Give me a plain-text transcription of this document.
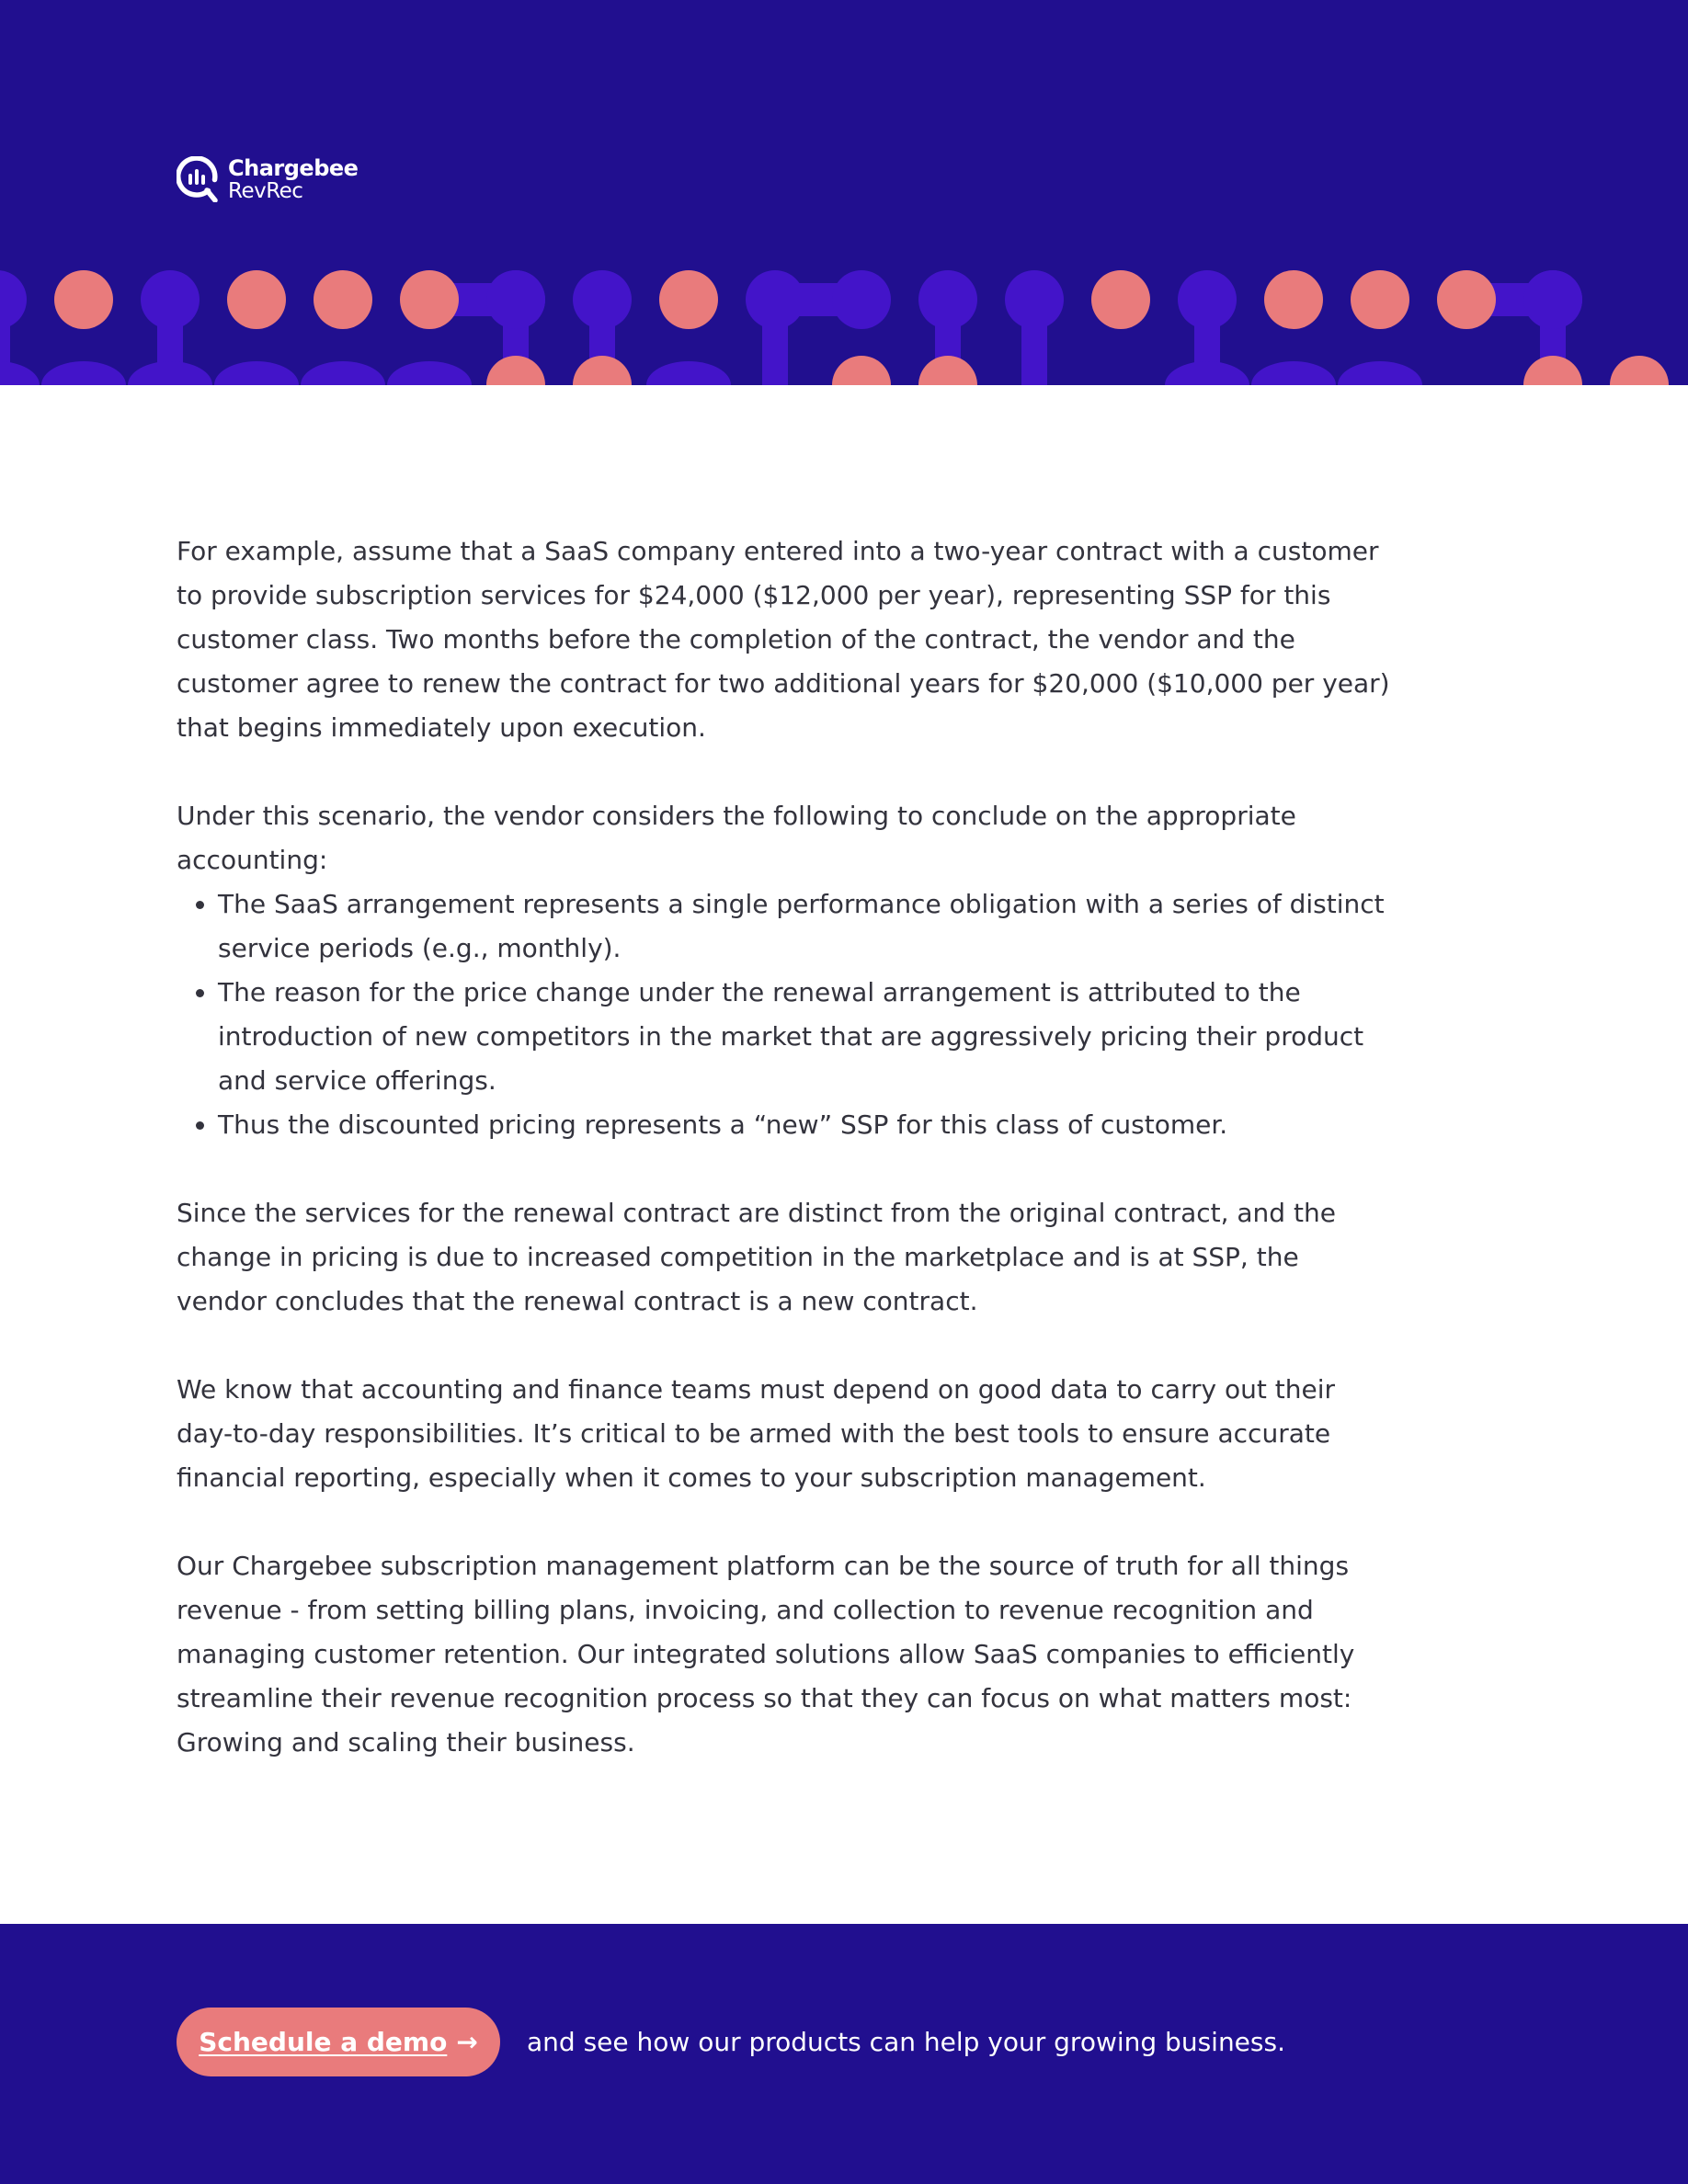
Chargebee
RevRec

For example, assume that a SaaS company entered into a two-year contract with a customer to provide subscription services for $24,000 ($12,000 per year), representing SSP for this customer class. Two months before the completion of the contract, the vendor and the customer agree to renew the contract for two additional years for $20,000 ($10,000 per year) that begins immediately upon execution.

Under this scenario, the vendor considers the following to conclude on the appropriate accounting:

• The SaaS arrangement represents a single performance obligation with a series of distinct service periods (e.g., monthly).
• The reason for the price change under the renewal arrangement is attributed to the introduction of new competitors in the market that are aggressively pricing their product and service offerings.
• Thus the discounted pricing represents a “new” SSP for this class of customer.

Since the services for the renewal contract are distinct from the original contract, and the change in pricing is due to increased competition in the marketplace and is at SSP, the vendor concludes that the renewal contract is a new contract.

We know that accounting and finance teams must depend on good data to carry out their day-to-day responsibilities. It’s critical to be armed with the best tools to ensure accurate financial reporting, especially when it comes to your subscription management.

Our Chargebee subscription management platform can be the source of truth for all things revenue - from setting billing plans, invoicing, and collection to revenue recognition and managing customer retention. Our integrated solutions allow SaaS companies to efficiently streamline their revenue recognition process so that they can focus on what matters most: Growing and scaling their business.

Schedule a demo → and see how our products can help your growing business.
